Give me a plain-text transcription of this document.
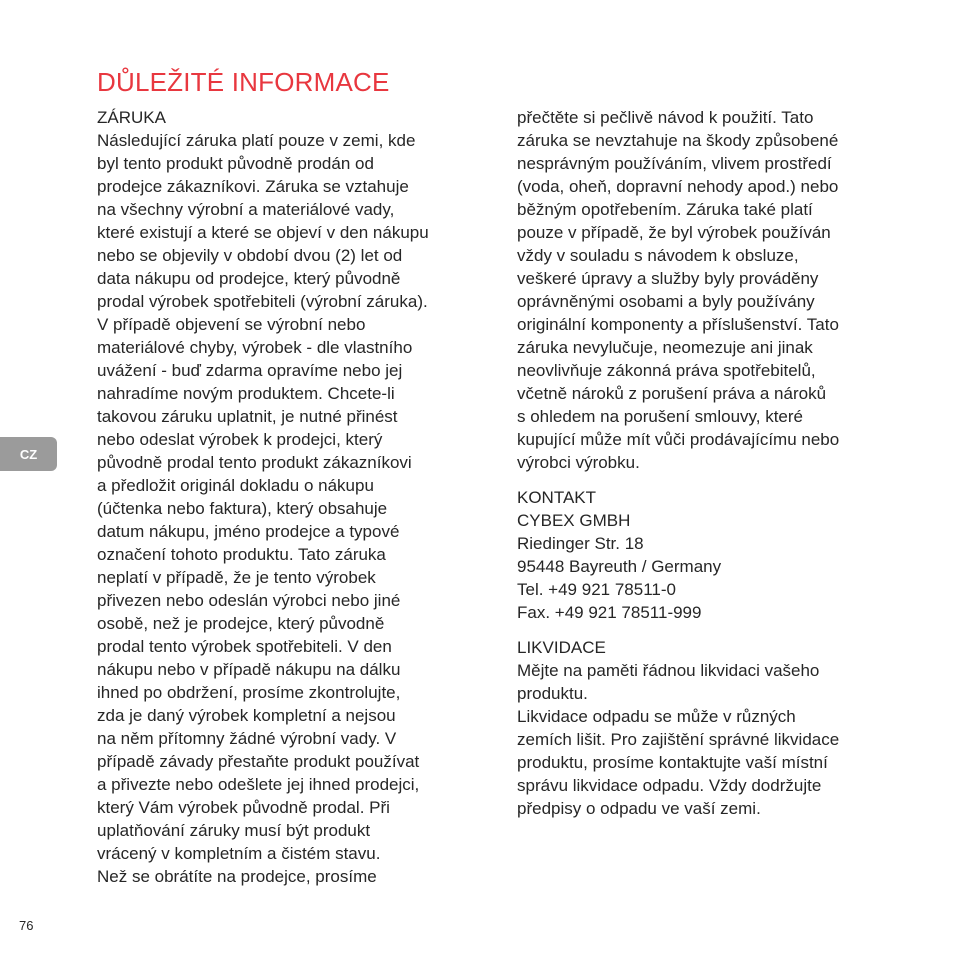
DŮLEŽITÉ INFORMACE
ZÁRUKA
Následující záruka platí pouze v zemi, kde
byl tento produkt původně prodán od
prodejce zákazníkovi. Záruka se vztahuje
na všechny výrobní a materiálové vady,
které existují a které se objeví v den nákupu
nebo se objevily v období dvou (2) let od
data nákupu od prodejce, který původně
prodal výrobek spotřebiteli (výrobní záruka).
V případě objevení se výrobní nebo
materiálové chyby, výrobek - dle vlastního
uvážení - buď zdarma opravíme nebo jej
nahradíme novým produktem. Chcete-li
takovou záruku uplatnit, je nutné přinést
nebo odeslat výrobek k prodejci, který
původně prodal tento produkt zákazníkovi
a předložit originál dokladu o nákupu
(účtenka nebo faktura), který obsahuje
datum nákupu, jméno prodejce a typové
označení tohoto produktu. Tato záruka
neplatí v případě, že je tento výrobek
přivezen nebo odeslán výrobci nebo jiné
osobě, než je prodejce, který původně
prodal tento výrobek spotřebiteli. V den
nákupu nebo v případě nákupu na dálku
ihned po obdržení, prosíme zkontrolujte,
zda je daný výrobek kompletní a nejsou
na něm přítomny žádné výrobní vady. V
případě závady přestaňte produkt používat
a přivezte nebo odešlete jej ihned prodejci,
který Vám výrobek původně prodal. Při
uplatňování záruky musí být produkt
vrácený v kompletním a čistém stavu.
Než se obrátíte na prodejce, prosíme
přečtěte si pečlivě návod k použití. Tato
záruka se nevztahuje na škody způsobené
nesprávným používáním, vlivem prostředí
(voda, oheň, dopravní nehody apod.) nebo
běžným opotřebením. Záruka také platí
pouze v případě, že byl výrobek používán
vždy v souladu s návodem k obsluze,
veškeré úpravy a služby byly prováděny
oprávněnými osobami a byly používány
originální komponenty a příslušenství. Tato
záruka nevylučuje, neomezuje ani jinak
neovlivňuje zákonná práva spotřebitelů,
včetně nároků z porušení práva a nároků
s ohledem na porušení smlouvy, které
kupující může mít vůči prodávajícímu nebo
výrobci výrobku.
KONTAKT
CYBEX GMBH
Riedinger Str. 18
95448 Bayreuth / Germany
Tel. +49 921 78511-0
Fax. +49 921 78511-999
LIKVIDACE
Mějte na paměti řádnou likvidaci vašeho
produktu.
Likvidace odpadu se může v různých
zemích lišit. Pro zajištění správné likvidace
produktu, prosíme kontaktujte vaší místní
správu likvidace odpadu. Vždy dodržujte
předpisy o odpadu ve vaší zemi.
CZ
76
